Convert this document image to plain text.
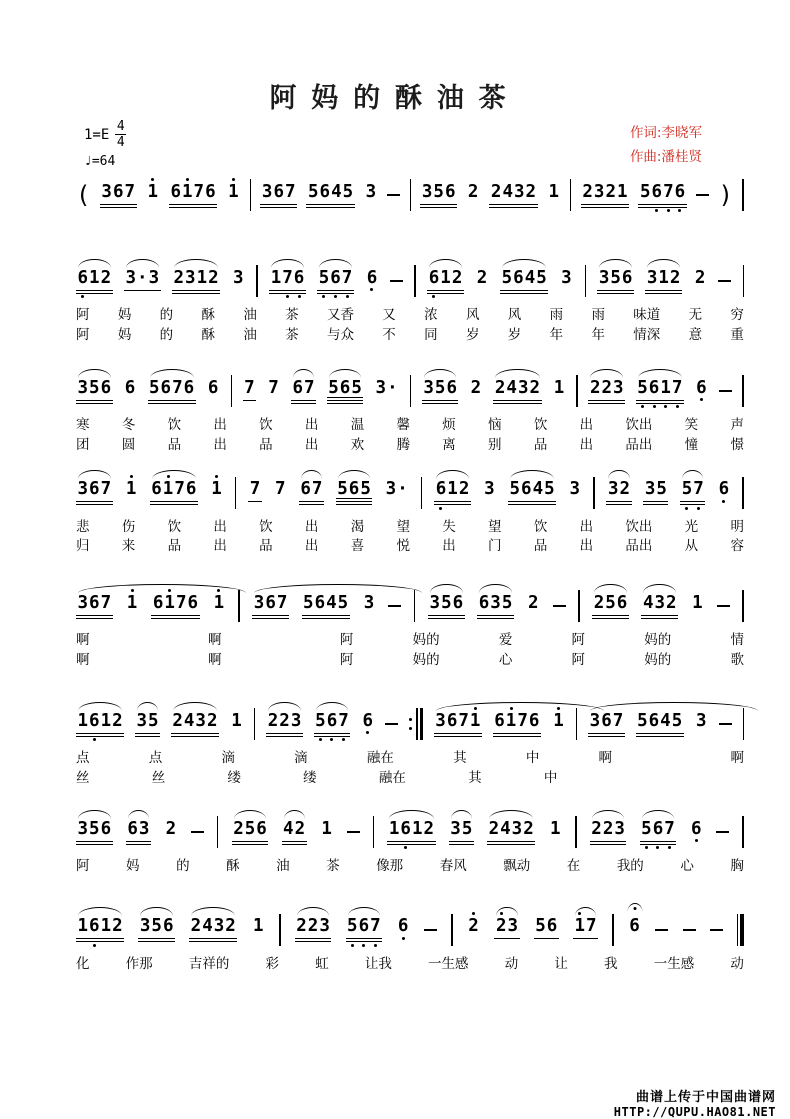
阿妈的酥油茶
$1=E \frac{4}{4}$
♩=64
作词:李晓军
作曲:潘桂贤
( 367 1 6176 1 367 5645 3	356 2 2432 1 2321 5676 )
612 3·3 2312 3 176 567 6	612 2 5645 3 356 312 2
阿 妈 的 酥 油 茶 又香 又 浓 风 风 雨 雨 味道 无 穷
阿 妈 的 酥 油 茶 与众 不 同 岁 岁 年 年 情深 意 重
356 6 5676 6 7 7 67 565 3· 356 2 2432 1 223 5617 6
寒 冬 饮 出 饮 出 温 馨 烦 恼 饮 出 饮出 笑 声
团 圆 品 出 品 出 欢 腾 离 别 品 出 品出 憧 憬
367 1 6176 1 7 7 67 565 3· 612 3 5645 3 32 35 57 6
悲 伤 饮 出 饮 出 渴 望 失 望 饮 出 饮出 光 明
归 来 品 出 品 出 喜 悦 出 门 品 出 品出 从 容
367 1 6176 1 367 5645 3	356 635 2	256 432 1
啊	啊	阿	妈的	爱	阿	妈的	情
啊	啊	阿	妈的	心	阿	妈的	歌
1612 35 2432 1 223 567 6	3671 6176 1 367 5645 3
点	点	滴	滴	融在	其	中	啊	啊
丝	丝	缕	缕	融在	其	中
356 63 2	256 42 1	1612 35 2432 1 223 567 6
阿	妈	的	酥	油	茶	像那	春风	飘动	在	我的	心	胸
1612 356 2432 1 223 567 6	2 23 56 17 6
化	作那	吉祥的	彩	虹	让我	一生感	动	让	我	一生感	动
曲谱上传于中国曲谱网
HTTP://QUPU.HAO81.NET
